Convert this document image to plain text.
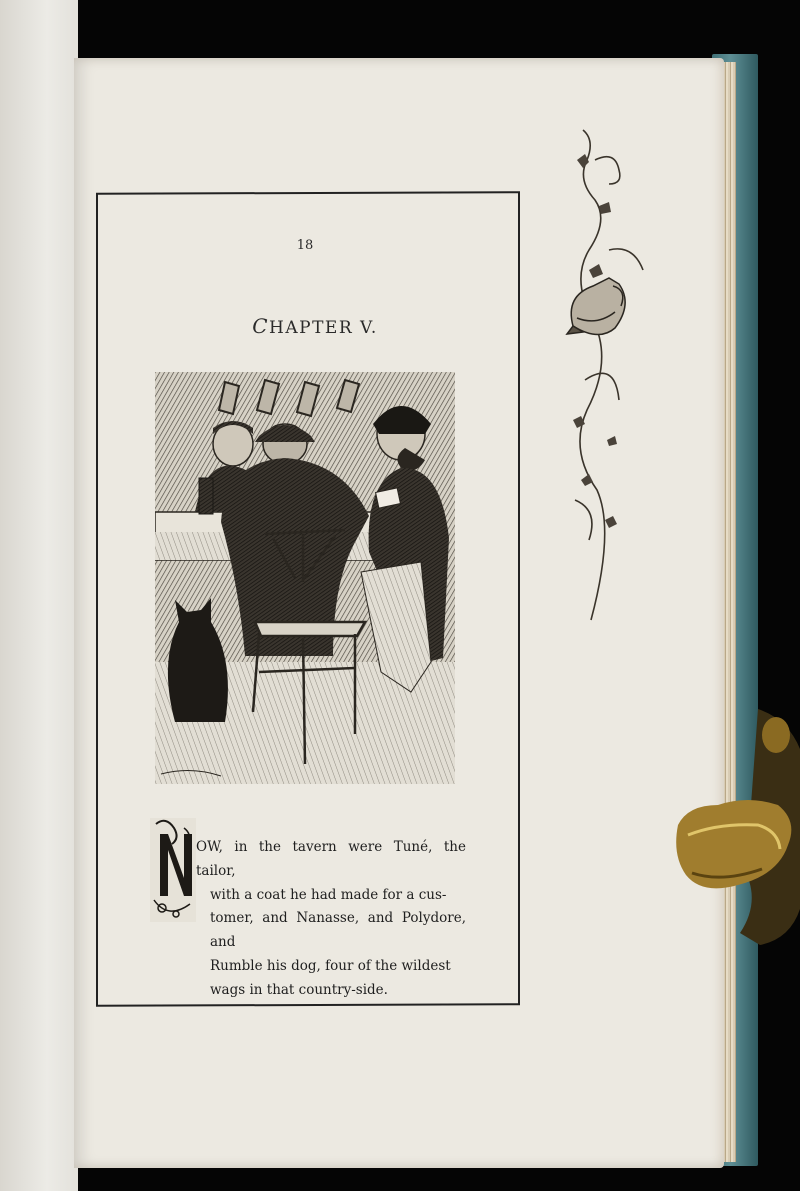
18
CHAPTER V.
OW, in the tavern were Tuné, the tailor,
with a coat he had made for a cus-
tomer, and Nanasse, and Polydore, and
Rumble his dog, four of the wildest
wags in that country-side.
